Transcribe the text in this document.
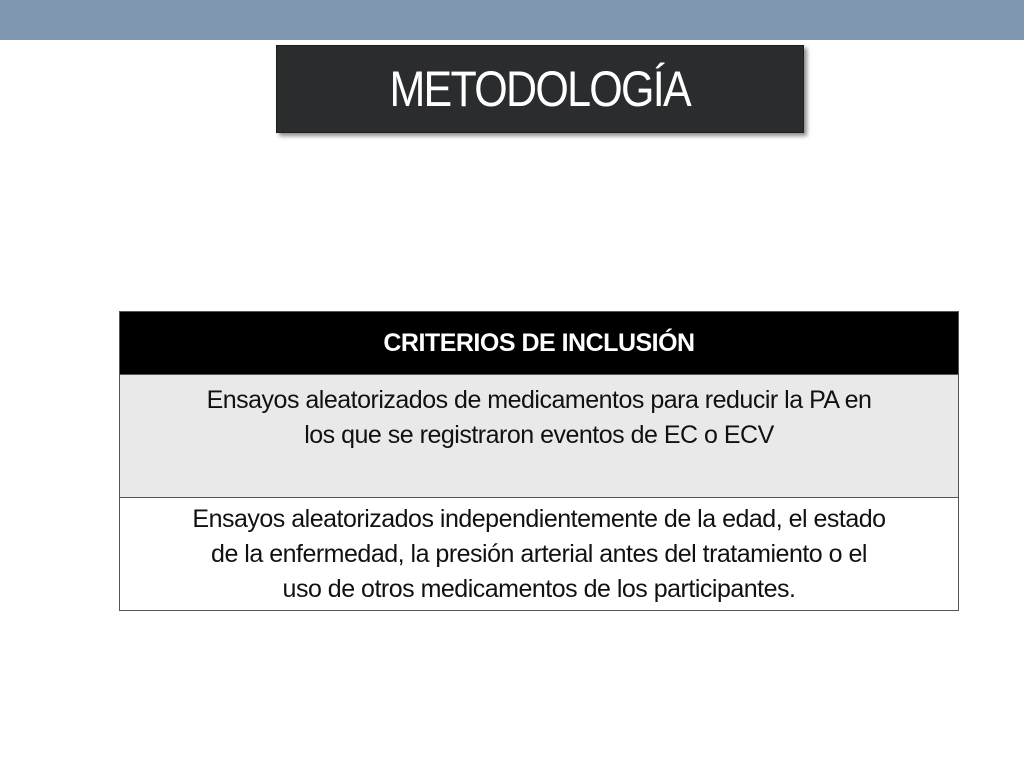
METODOLOGÍA
CRITERIOS DE INCLUSIÓN
Ensayos aleatorizados de medicamentos para reducir la PA en
los que se registraron eventos de EC o ECV
Ensayos aleatorizados independientemente de la edad, el estado
de la enfermedad, la presión arterial antes del tratamiento o el
uso de otros medicamentos de los participantes.
